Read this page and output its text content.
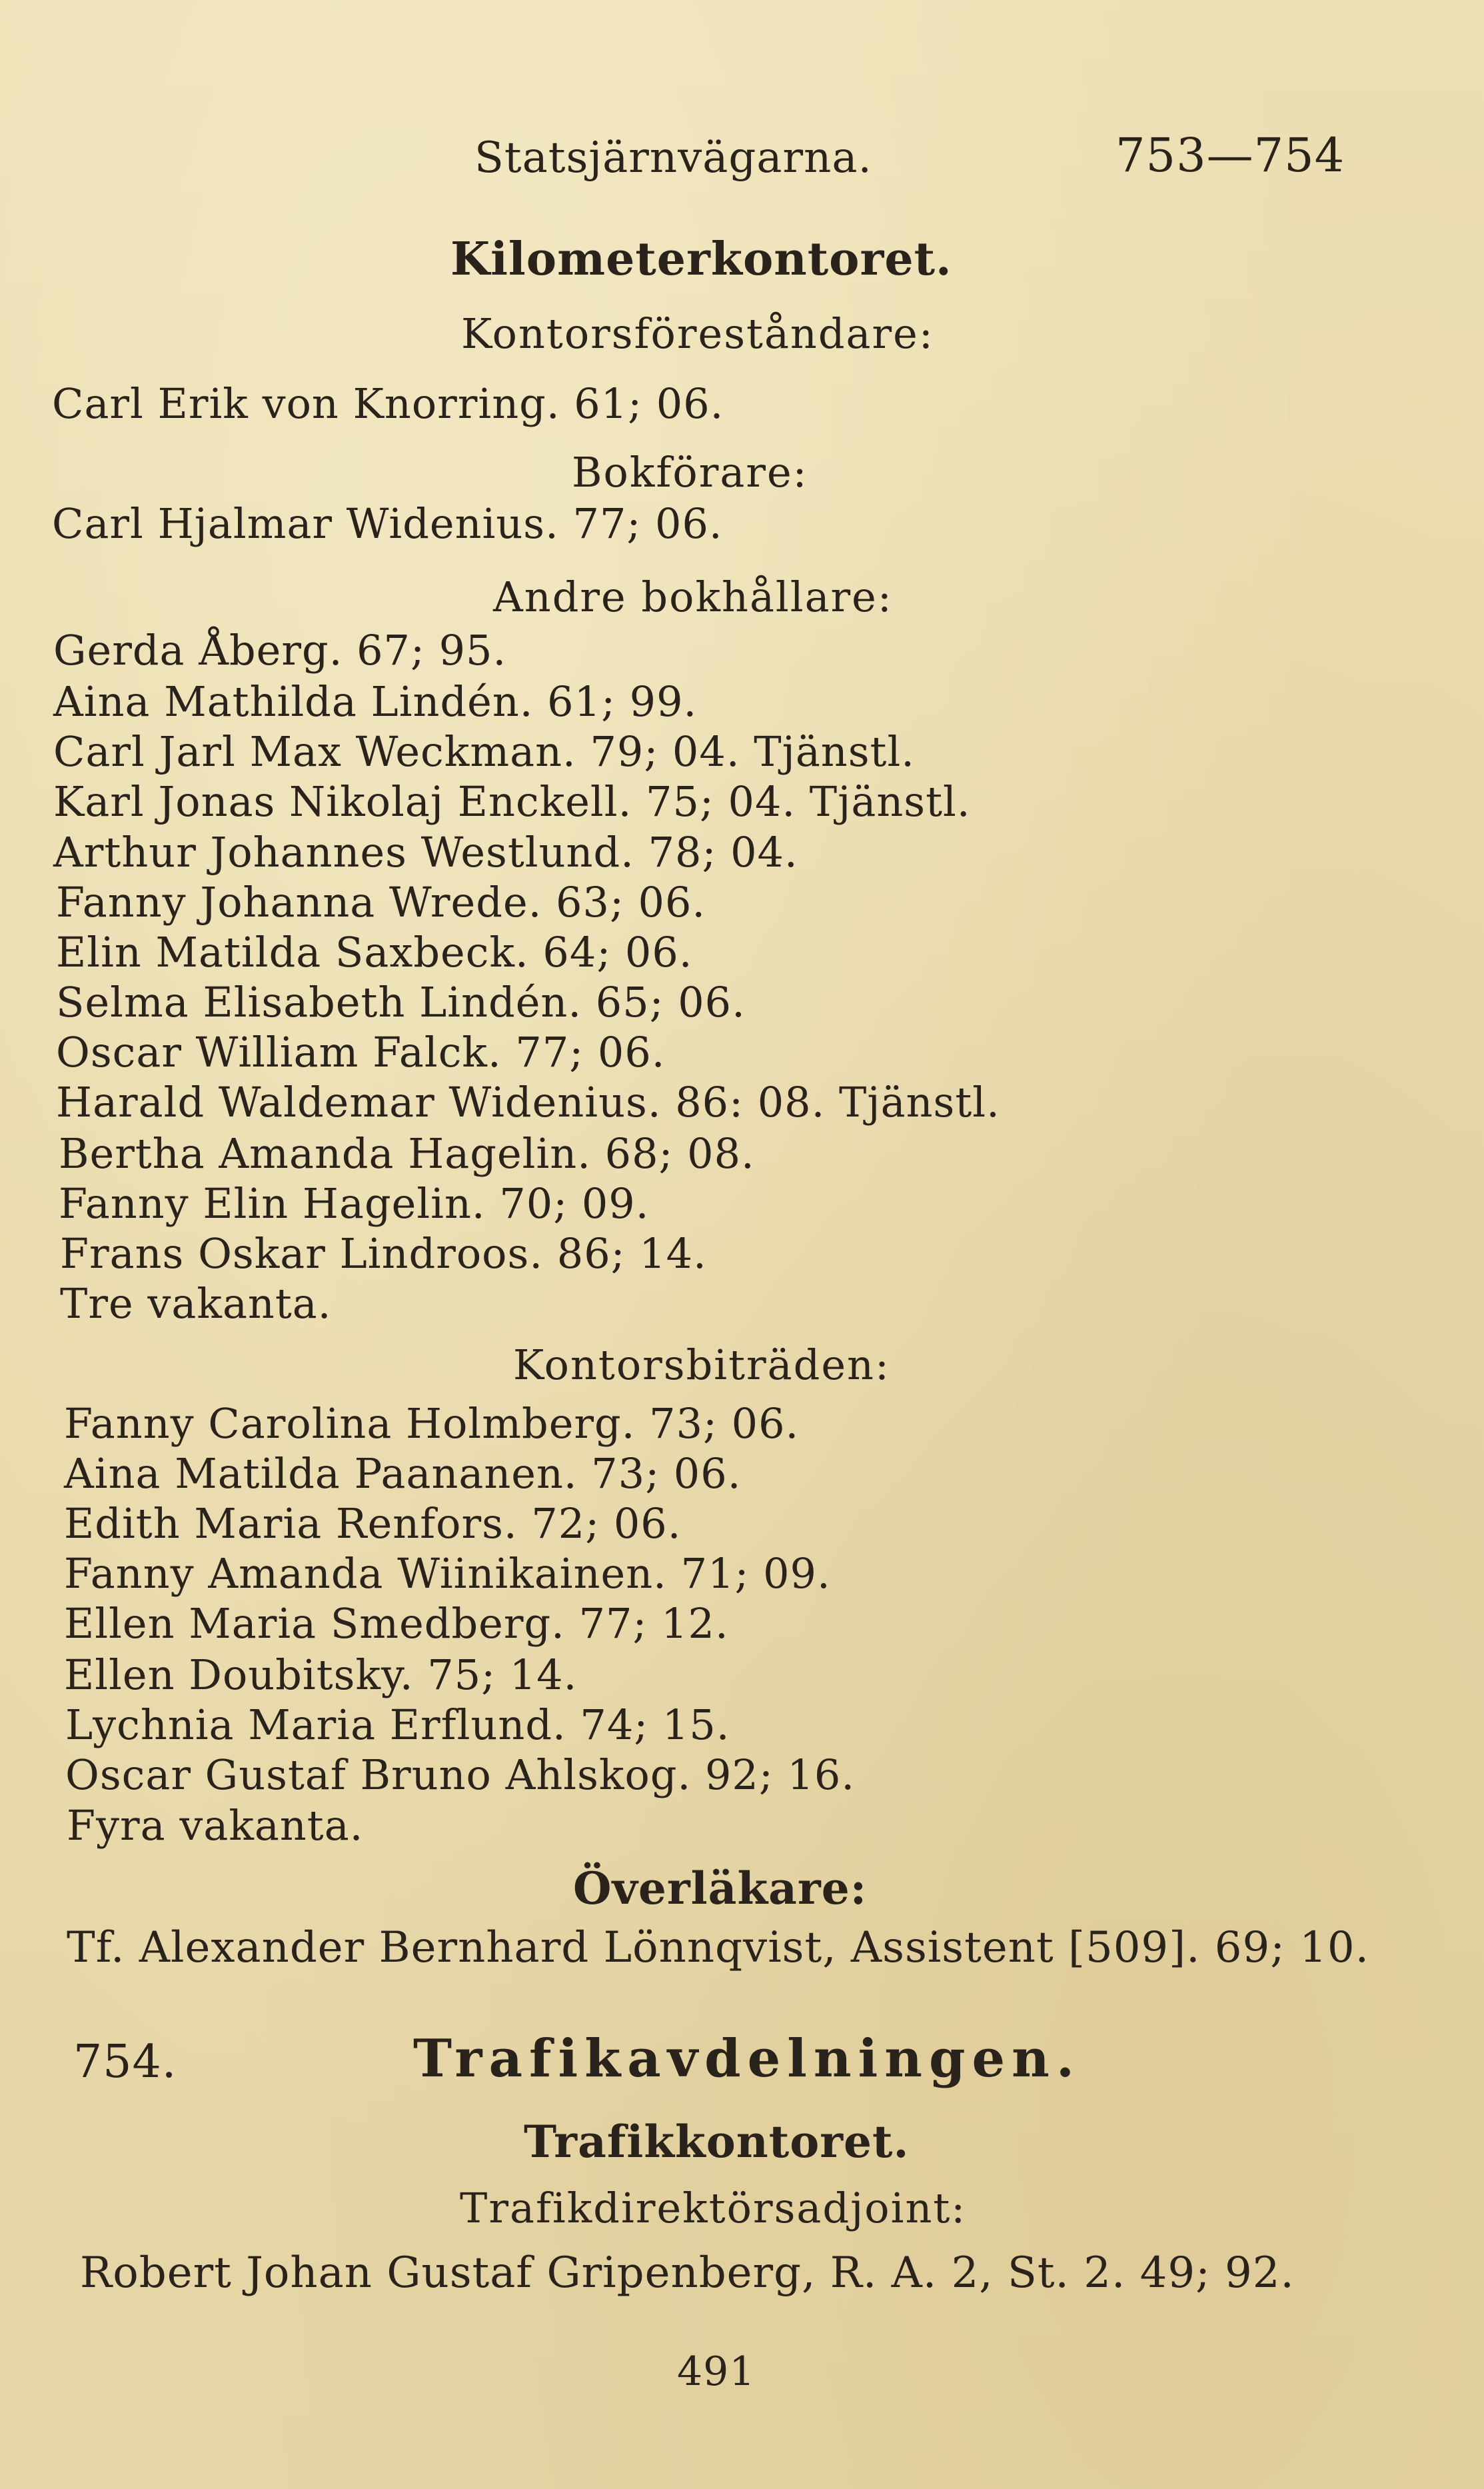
Statsjärnvägarna.	753—754
Kilometerkontoret.
Kontorsföreståndare:
Carl Erik von Knorring. 61; 06.
Bokförare:
Carl Hjalmar Widenius. 77; 06.
Andre bokhållare:
Gerda Åberg. 67; 95.
Aina Mathilda Lindén. 61; 99.
Carl Jarl Max Weckman. 79; 04. Tjänstl.
Karl Jonas Nikolaj Enckell. 75; 04. Tjänstl.
Arthur Johannes Westlund. 78; 04.
Fanny Johanna Wrede. 63; 06.
Elin Matilda Saxbeck. 64; 06.
Selma Elisabeth Lindén. 65; 06.
Oscar William Falck. 77; 06.
Harald Waldemar Widenius. 86: 08. Tjänstl.
Bertha Amanda Hagelin. 68; 08.
Fanny Elin Hagelin. 70; 09.
Frans Oskar Lindroos. 86; 14.
Tre vakanta.
Kontorsbiträden:
Fanny Carolina Holmberg. 73; 06.
Aina Matilda Paananen. 73; 06.
Edith Maria Renfors. 72; 06.
Fanny Amanda Wiinikainen. 71; 09.
Ellen Maria Smedberg. 77; 12.
Ellen Doubitsky. 75; 14.
Lychnia Maria Erflund. 74; 15.
Oscar Gustaf Bruno Ahlskog. 92; 16.
Fyra vakanta.
Överläkare:
Tf. Alexander Bernhard Lönnqvist, Assistent [509]. 69; 10.
754.	Trafikavdelningen.
Trafikkontoret.
Trafikdirektörsadjoint:
Robert Johan Gustaf Gripenberg, R. A. 2, St. 2. 49; 92.
491
